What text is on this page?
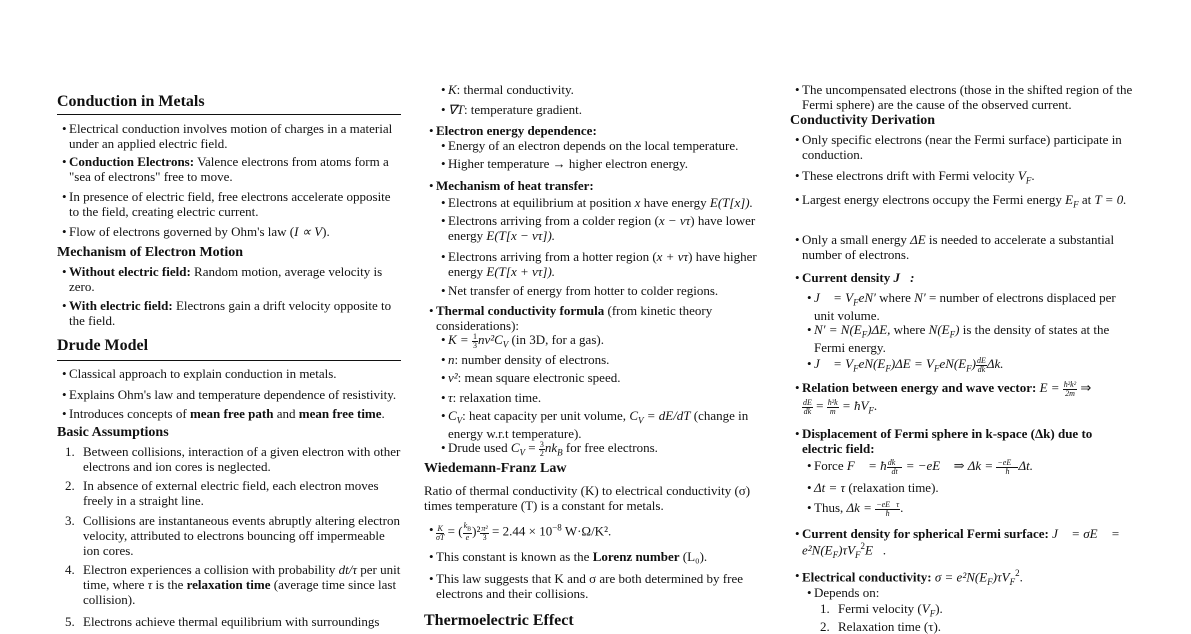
Conduction in Metals
• Electrical conduction involves motion of charges in a material under an applied electric field.
• Conduction Electrons: Valence electrons from atoms form a "sea of electrons" free to move.
• In presence of electric field, free electrons accelerate opposite to the field, creating electric current.
• Flow of electrons governed by Ohm's law (I ∝ V).
Mechanism of Electron Motion
• Without electric field: Random motion, average velocity is zero.
• With electric field: Electrons gain a drift velocity opposite to the field.
Drude Model
• Classical approach to explain conduction in metals.
• Explains Ohm's law and temperature dependence of resistivity.
• Introduces concepts of mean free path and mean free time.
Basic Assumptions
1. Between collisions, interaction of a given electron with other electrons and ion cores is neglected.
2. In absence of external electric field, each electron moves freely in a straight line.
3. Collisions are instantaneous events abruptly altering electron velocity, attributed to electrons bouncing off impermeable ion cores.
4. Electron experiences a collision with probability dt/τ per unit time, where τ is the relaxation time (average time since last collision).
5. Electrons achieve thermal equilibrium with surroundings
• K: thermal conductivity.
• ∇T: temperature gradient.
• Electron energy dependence:
• Energy of an electron depends on the local temperature.
• Higher temperature → higher electron energy.
• Mechanism of heat transfer:
• Electrons at equilibrium at position x have energy E(T[x]).
• Electrons arriving from a colder region (x − vτ) have lower energy E(T[x − vτ]).
• Electrons arriving from a hotter region (x + vτ) have higher energy E(T[x + vτ]).
• Net transfer of energy from hotter to colder regions.
• Thermal conductivity formula (from kinetic theory considerations):
• $K = \frac{1}{3} nv^2C_V$ (in 3D, for a gas).
• n: number density of electrons.
• v²: mean square electronic speed.
• τ: relaxation time.
• $C_V$: heat capacity per unit volume, $C_V = dE/dT$ (change in energy w.r.t temperature).
• Drude used $C_V = \frac{3}{2} nk_B$ for free electrons.
Wiedemann-Franz Law
Ratio of thermal conductivity (K) to electrical conductivity (σ) times temperature (T) is a constant for metals.
• $\frac{K}{\sigma T}$ = ( $\frac{k_B}{e} )^2 \frac{\text{π²}}{3} = 2.44 \times 10^{-8}$ W·Ω/K².
• This constant is known as the Lorenz number (L₀).
• This law suggests that K and σ are both determined by free electrons and their collisions.
Thermoelectric Effect
• The uncompensated electrons (those in the shifted region of the Fermi sphere) are the cause of the observed current.
Conductivity Derivation
• Only specific electrons (near the Fermi surface) participate in conduction.
• These electrons drift with Fermi velocity $V_F$.
• Largest energy electrons occupy the Fermi energy $E_F$ at T = 0.
• Only a small energy ΔE is needed to accelerate a substantial number of electrons.
• Current density J⃗:
• J⃗ = $V_FeN'$ where N′ = number of electrons displaced per unit volume.
• $N' = N(E_F)\Delta E$, where $N(E_F)$ is the density of states at the Fermi energy.
• J⃗ = $V_FeN(E_F)\Delta E = V_FeN(E_F) \frac{dE}{dk} \Delta k$.
• Relation between energy and wave vector: $E = \frac{\text{ħ²k²}}{2m}$ ⇒

$\frac{dE}{dk} = \frac{\text{ħ²k}}{m}$ = $ħV_F$.
• Displacement of Fermi sphere in k-space (Δk) due to electric field:
• Force F⃗ = ħ $\frac{dk⃗}{dt}$ = −eE⃗ ⇒ $\Delta k = \frac{-eE⃗}{ħ} \Delta t$.
• Δt = τ (relaxation time).
• Thus, $\Delta k = \frac{-eE⃗\tau}{ħ}$ .
• Current density for spherical Fermi surface: J⃗ = σE⃗ = $e^2N(E_F)\tau V_F^2E⃗$.
• Electrical conductivity: $\sigma = e^2N(E_F)\tau V_F^2$.
• Depends on:
1. Fermi velocity $(V_F)$.
2. Relaxation time (τ).
